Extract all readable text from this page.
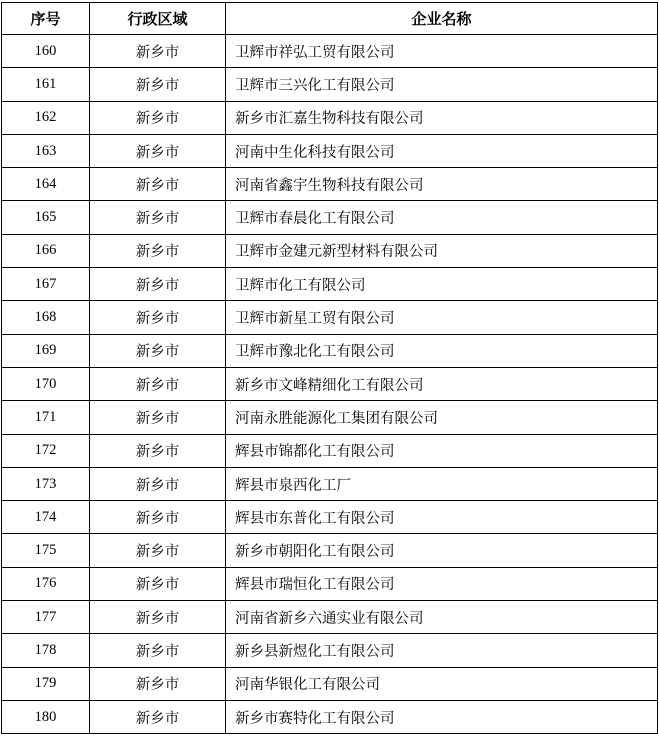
序号	行政区域	企业名称
160	新乡市	卫辉市祥弘工贸有限公司
161	新乡市	卫辉市三兴化工有限公司
162	新乡市	新乡市汇嘉生物科技有限公司
163	新乡市	河南中生化科技有限公司
164	新乡市	河南省鑫宇生物科技有限公司
165	新乡市	卫辉市春晨化工有限公司
166	新乡市	卫辉市金建元新型材料有限公司
167	新乡市	卫辉市化工有限公司
168	新乡市	卫辉市新星工贸有限公司
169	新乡市	卫辉市豫北化工有限公司
170	新乡市	新乡市文峰精细化工有限公司
171	新乡市	河南永胜能源化工集团有限公司
172	新乡市	辉县市锦都化工有限公司
173	新乡市	辉县市泉西化工厂
174	新乡市	辉县市东普化工有限公司
175	新乡市	新乡市朝阳化工有限公司
176	新乡市	辉县市瑞恒化工有限公司
177	新乡市	河南省新乡六通实业有限公司
178	新乡市	新乡县新煜化工有限公司
179	新乡市	河南华银化工有限公司
180	新乡市	新乡市赛特化工有限公司
